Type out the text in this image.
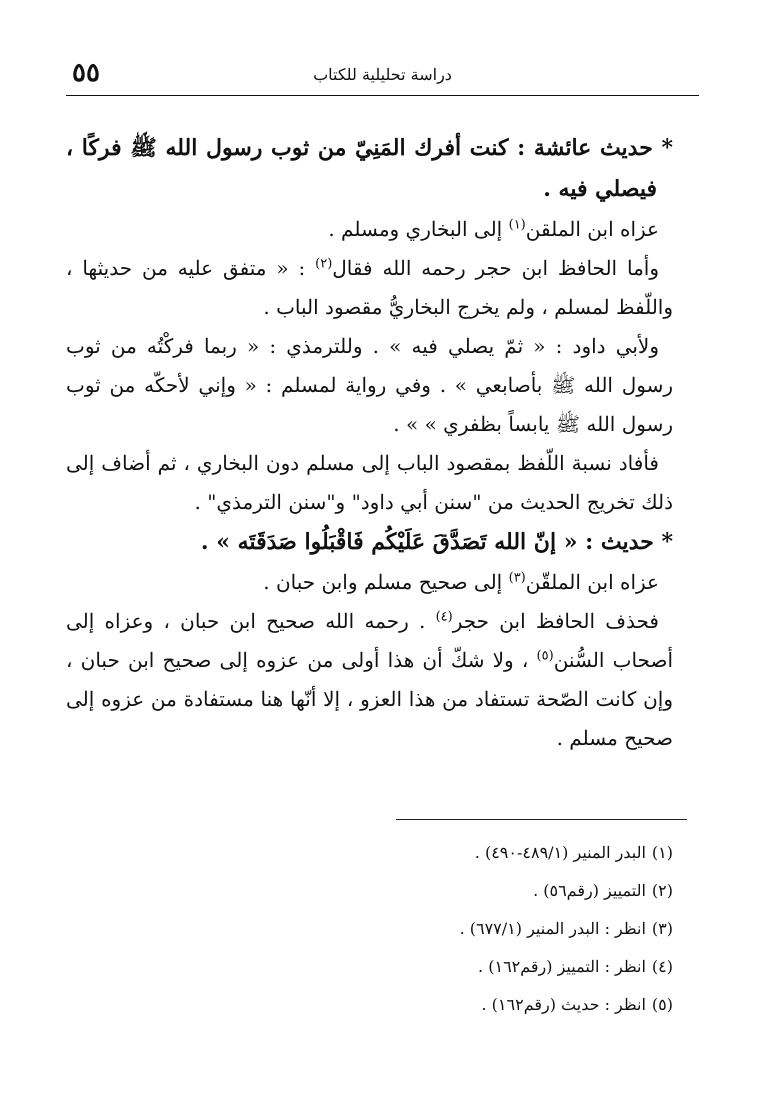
٥٥	دراسة تحليلية للكتاب

* حديث عائشة : كنت أفرك المَنِيّ من ثوب رسول الله ﷺ فركًا ، فيصلي فيه .

عزاه ابن الملقن$^{(١)}$ إلى البخاري ومسلم .

وأما الحافظ ابن حجر رحمه الله فقال$^{(٢)}$ : « متفق عليه من حديثها ، واللّفظ لمسلم ، ولم يخرج البخاريُّ مقصود الباب .

ولأبي داود : « ثمّ يصلي فيه » . وللترمذي : « ربما فركْتُه من ثوب رسول الله ﷺ بأصابعي » . وفي رواية لمسلم : « وإني لأحكّه من ثوب رسول الله ﷺ يابساً بظفري » » .

فأفاد نسبة اللّفظ بمقصود الباب إلى مسلم دون البخاري ، ثم أضاف إلى ذلك تخريج الحديث من "سنن أبي داود" و"سنن الترمذي" .

* حديث : « إنّ الله تَصَدَّقَ عَلَيْكُم فَاقْبَلُوا صَدَقَتَه » .

عزاه ابن الملقّن$^{(٣)}$ إلى صحيح مسلم وابن حبان .

فحذف الحافظ ابن حجر$^{(٤)}$ . رحمه الله صحيح ابن حبان ، وعزاه إلى أصحاب السُّنن$^{(٥)}$ ، ولا شكّ أن هذا أولى من عزوه إلى صحيح ابن حبان ، وإن كانت الصّحة تستفاد من هذا العزو ، إلا أنّها هنا مستفادة من عزوه إلى صحيح مسلم .

(١)البدر المنير (٤٨٩/١-٤٩٠) .
(٢)التمييز (رقم٥٦) .
(٣)انظر : البدر المنير (٦٧٧/١) .
(٤)انظر : التمييز (رقم١٦٢) .
(٥)انظر : حديث (رقم١٦٢) .
